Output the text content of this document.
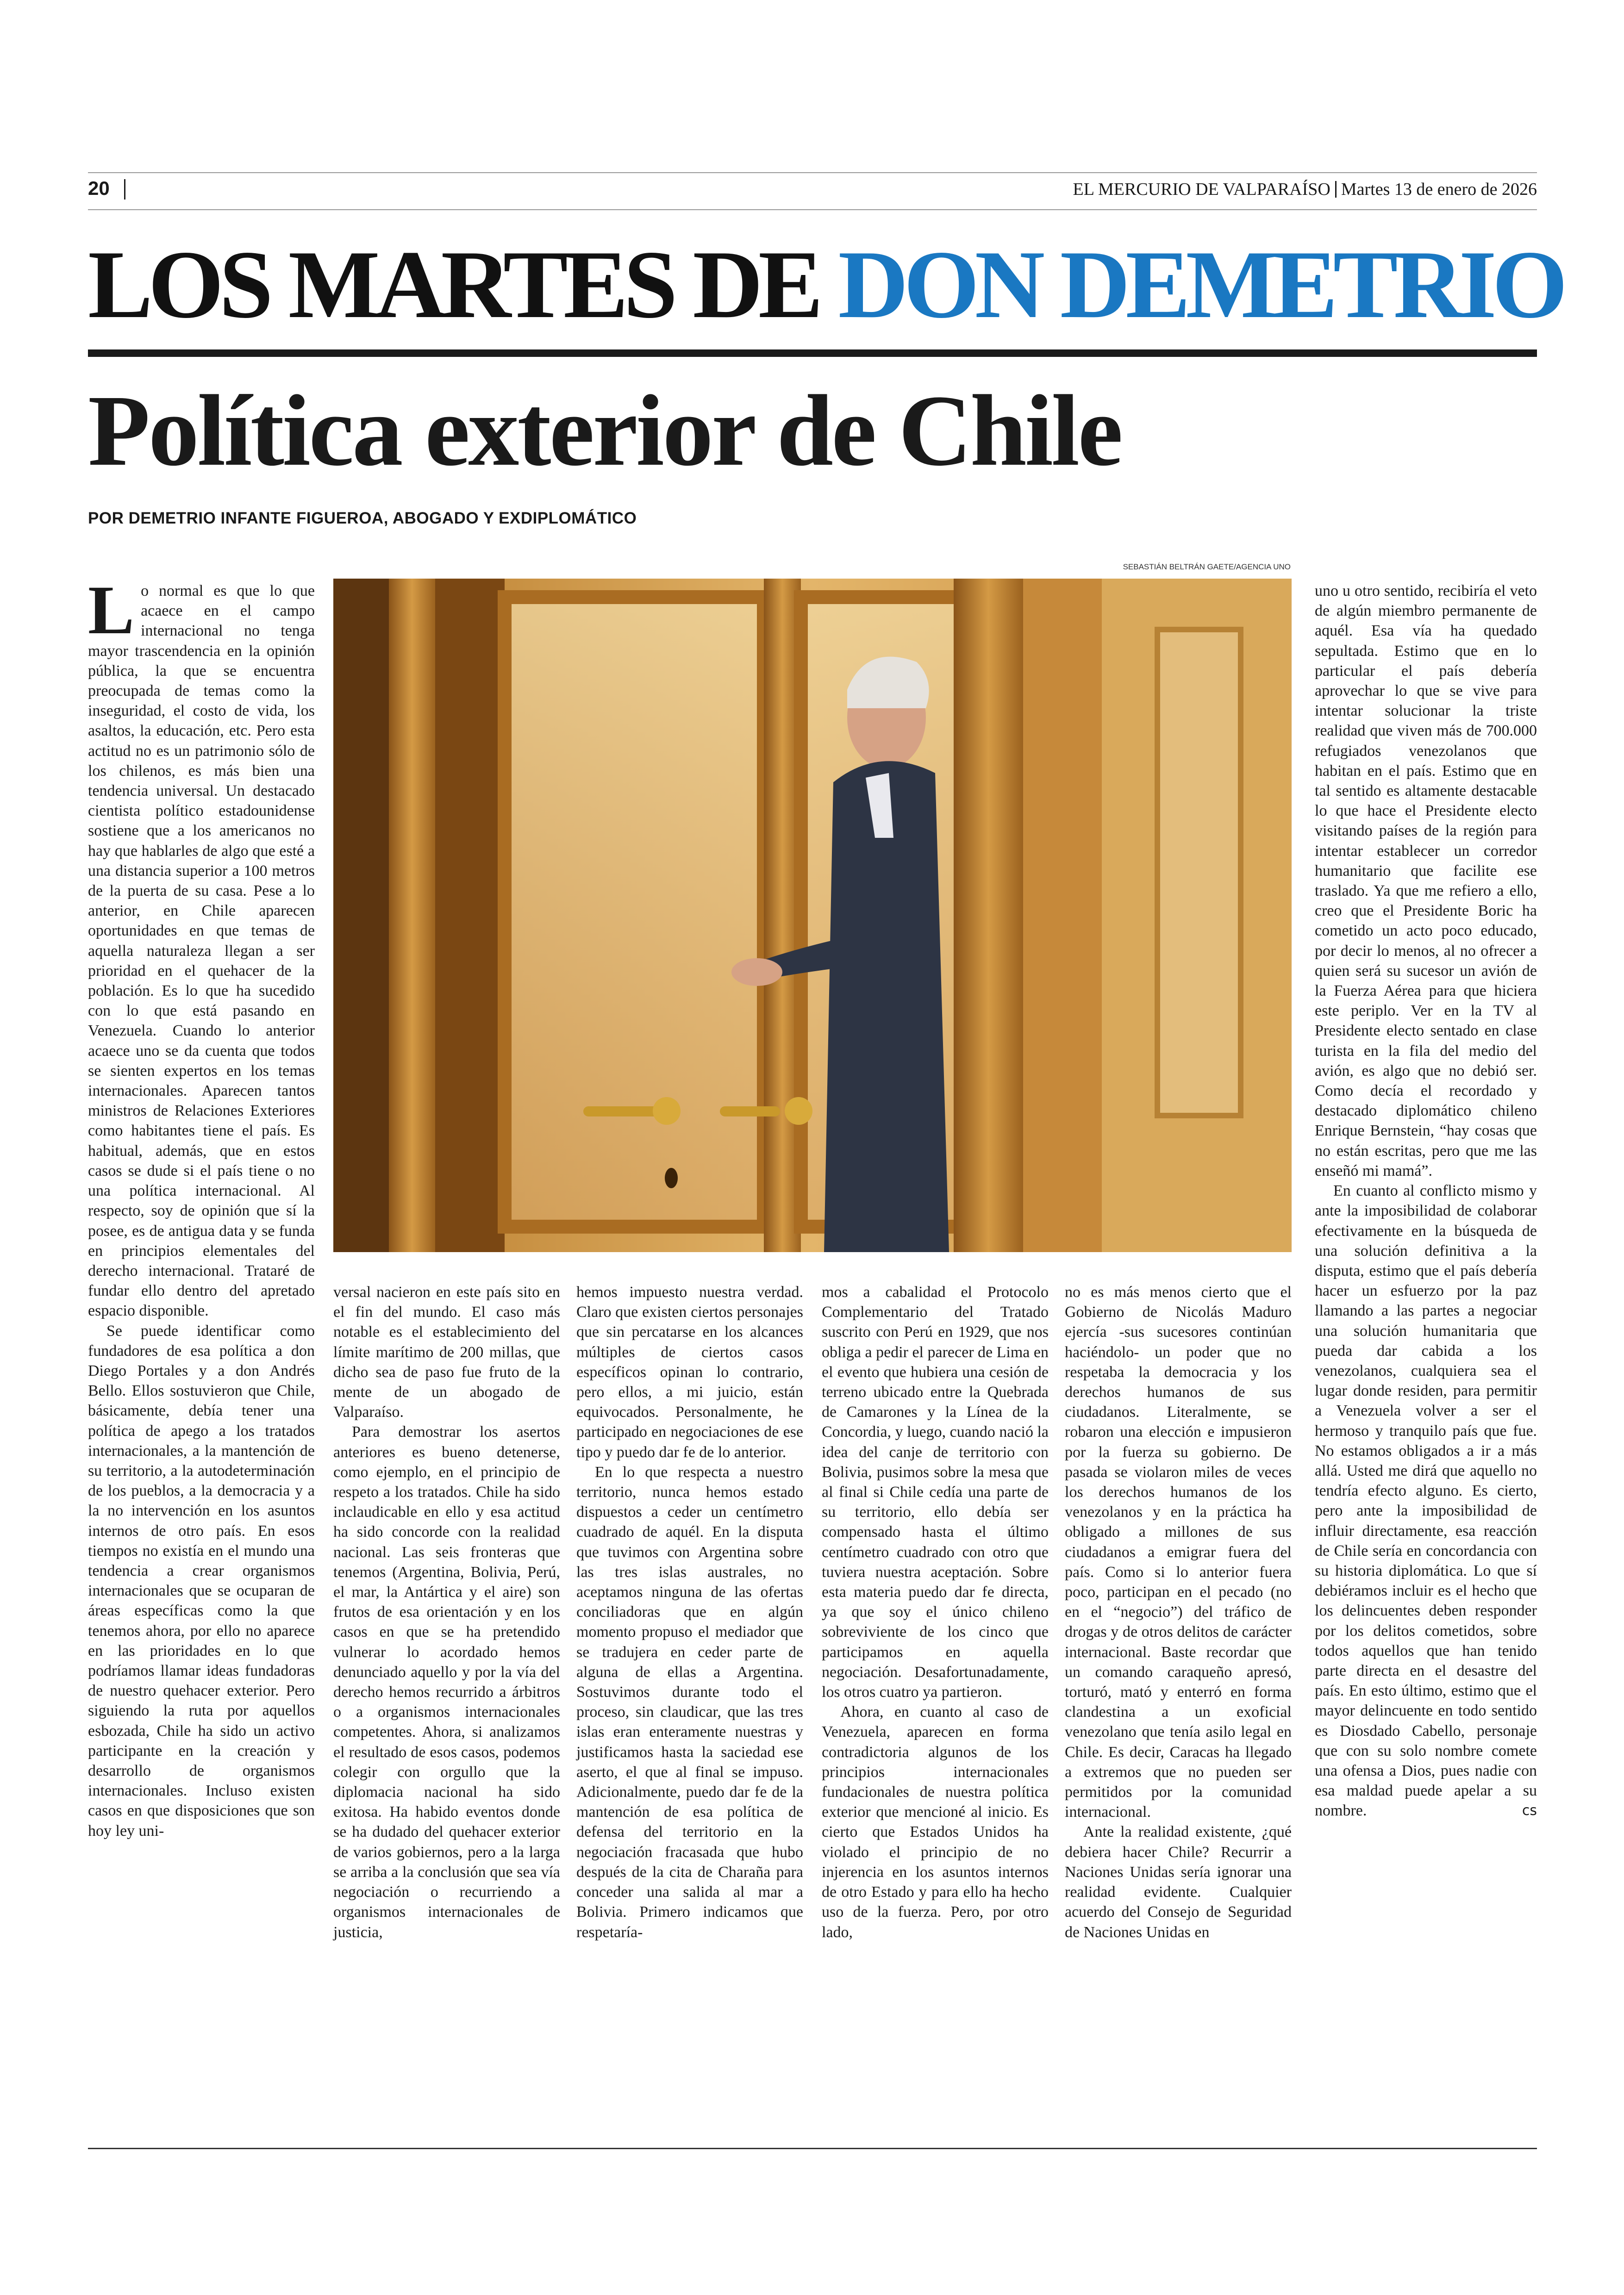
20	EL MERCURIO DE VALPARAÍSO Martes 13 de enero de 2026
LOS MARTES DE DON DEMETRIO
Política exterior de Chile
POR DEMETRIO INFANTE FIGUEROA, ABOGADO Y EXDIPLOMÁTICO
SEBASTIÁN BELTRÁN GAETE/AGENCIA UNO

Lo normal es que lo que acaece en el campo internacional no tenga mayor trascendencia en la opinión pública, la que se encuentra preocupada de temas como la inseguridad, el costo de vida, los asaltos, la educación, etc. Pero esta actitud no es un patrimonio sólo de los chilenos, es más bien una tendencia universal. Un destacado cientista político estadounidense sostiene que a los americanos no hay que hablarles de algo que esté a una distancia superior a 100 metros de la puerta de su casa. Pese a lo anterior, en Chile aparecen oportunidades en que temas de aquella naturaleza llegan a ser prioridad en el quehacer de la población. Es lo que ha sucedido con lo que está pasando en Venezuela. Cuando lo anterior acaece uno se da cuenta que todos se sienten expertos en los temas internacionales. Aparecen tantos ministros de Relaciones Exteriores como habitantes tiene el país. Es habitual, además, que en estos casos se dude si el país tiene o no una política internacional. Al respecto, soy de opinión que sí la posee, es de antigua data y se funda en principios elementales del derecho internacional. Trataré de fundar ello dentro del apretado espacio disponible.

Se puede identificar como fundadores de esa política a don Diego Portales y a don Andrés Bello. Ellos sostuvieron que Chile, básicamente, debía tener una política de apego a los tratados internacionales, a la mantención de su territorio, a la autodeterminación de los pueblos, a la democracia y a la no intervención en los asuntos internos de otro país. En esos tiempos no existía en el mundo una tendencia a crear organismos internacionales que se ocuparan de áreas específicas como la que tenemos ahora, por ello no aparece en las prioridades en lo que podríamos llamar ideas fundadoras de nuestro quehacer exterior. Pero siguiendo la ruta por aquellos esbozada, Chile ha sido un activo participante en la creación y desarrollo de organismos internacionales. Incluso existen casos en que disposiciones que son hoy ley uni-

versal nacieron en este país sito en el fin del mundo. El caso más notable es el establecimiento del límite marítimo de 200 millas, que dicho sea de paso fue fruto de la mente de un abogado de Valparaíso.

Para demostrar los asertos anteriores es bueno detenerse, como ejemplo, en el principio de respeto a los tratados. Chile ha sido inclaudicable en ello y esa actitud ha sido concorde con la realidad nacional. Las seis fronteras que tenemos (Argentina, Bolivia, Perú, el mar, la Antártica y el aire) son frutos de esa orientación y en los casos en que se ha pretendido vulnerar lo acordado hemos denunciado aquello y por la vía del derecho hemos recurrido a árbitros o a organismos internacionales competentes. Ahora, si analizamos el resultado de esos casos, podemos colegir con orgullo que la diplomacia nacional ha sido exitosa. Ha habido eventos donde se ha dudado del quehacer exterior de varios gobiernos, pero a la larga se arriba a la conclusión que sea vía negociación o recurriendo a organismos internacionales de justicia,

hemos impuesto nuestra verdad. Claro que existen ciertos personajes que sin percatarse en los alcances múltiples de ciertos casos específicos opinan lo contrario, pero ellos, a mi juicio, están equivocados. Personalmente, he participado en negociaciones de ese tipo y puedo dar fe de lo anterior.

En lo que respecta a nuestro territorio, nunca hemos estado dispuestos a ceder un centímetro cuadrado de aquél. En la disputa que tuvimos con Argentina sobre las tres islas australes, no aceptamos ninguna de las ofertas conciliadoras que en algún momento propuso el mediador que se tradujera en ceder parte de alguna de ellas a Argentina. Sostuvimos durante todo el proceso, sin claudicar, que las tres islas eran enteramente nuestras y justificamos hasta la saciedad ese aserto, el que al final se impuso. Adicionalmente, puedo dar fe de la mantención de esa política de defensa del territorio en la negociación fracasada que hubo después de la cita de Charaña para conceder una salida al mar a Bolivia. Primero indicamos que respetaría-

mos a cabalidad el Protocolo Complementario del Tratado suscrito con Perú en 1929, que nos obliga a pedir el parecer de Lima en el evento que hubiera una cesión de terreno ubicado entre la Quebrada de Camarones y la Línea de la Concordia, y luego, cuando nació la idea del canje de territorio con Bolivia, pusimos sobre la mesa que al final si Chile cedía una parte de su territorio, ello debía ser compensado hasta el último centímetro cuadrado con otro que tuviera nuestra aceptación. Sobre esta materia puedo dar fe directa, ya que soy el único chileno sobreviviente de los cinco que participamos en aquella negociación. Desafortunadamente, los otros cuatro ya partieron.

Ahora, en cuanto al caso de Venezuela, aparecen en forma contradictoria algunos de los principios internacionales fundacionales de nuestra política exterior que mencioné al inicio. Es cierto que Estados Unidos ha violado el principio de no injerencia en los asuntos internos de otro Estado y para ello ha hecho uso de la fuerza. Pero, por otro lado,

no es más menos cierto que el Gobierno de Nicolás Maduro ejercía -sus sucesores continúan haciéndolo- un poder que no respetaba la democracia y los derechos humanos de sus ciudadanos. Literalmente, se robaron una elección e impusieron por la fuerza su gobierno. De pasada se violaron miles de veces los derechos humanos de los venezolanos y en la práctica ha obligado a millones de sus ciudadanos a emigrar fuera del país. Como si lo anterior fuera poco, participan en el pecado (no en el “negocio”) del tráfico de drogas y de otros delitos de carácter internacional. Baste recordar que un comando caraqueño apresó, torturó, mató y enterró en forma clandestina a un exoficial venezolano que tenía asilo legal en Chile. Es decir, Caracas ha llegado a extremos que no pueden ser permitidos por la comunidad internacional.

Ante la realidad existente, ¿qué debiera hacer Chile? Recurrir a Naciones Unidas sería ignorar una realidad evidente. Cualquier acuerdo del Consejo de Seguridad de Naciones Unidas en

uno u otro sentido, recibiría el veto de algún miembro permanente de aquél. Esa vía ha quedado sepultada. Estimo que en lo particular el país debería aprovechar lo que se vive para intentar solucionar la triste realidad que viven más de 700.000 refugiados venezolanos que habitan en el país. Estimo que en tal sentido es altamente destacable lo que hace el Presidente electo visitando países de la región para intentar establecer un corredor humanitario que facilite ese traslado. Ya que me refiero a ello, creo que el Presidente Boric ha cometido un acto poco educado, por decir lo menos, al no ofrecer a quien será su sucesor un avión de la Fuerza Aérea para que hiciera este periplo. Ver en la TV al Presidente electo sentado en clase turista en la fila del medio del avión, es algo que no debió ser. Como decía el recordado y destacado diplomático chileno Enrique Bernstein, “hay cosas que no están escritas, pero que me las enseñó mi mamá”.

En cuanto al conflicto mismo y ante la imposibilidad de colaborar efectivamente en la búsqueda de una solución definitiva a la disputa, estimo que el país debería hacer un esfuerzo por la paz llamando a las partes a negociar una solución humanitaria que pueda dar cabida a los venezolanos, cualquiera sea el lugar donde residen, para permitir a Venezuela volver a ser el hermoso y tranquilo país que fue. No estamos obligados a ir a más allá. Usted me dirá que aquello no tendría efecto alguno. Es cierto, pero ante la imposibilidad de influir directamente, esa reacción de Chile sería en concordancia con su historia diplomática. Lo que sí debiéramos incluir es el hecho que los delincuentes deben responder por los delitos cometidos, sobre todos aquellos que han tenido parte directa en el desastre del país. En esto último, estimo que el mayor delincuente en todo sentido es Diosdado Cabello, personaje que con su solo nombre comete una ofensa a Dios, pues nadie con esa maldad puede apelar a su nombre.	cs
